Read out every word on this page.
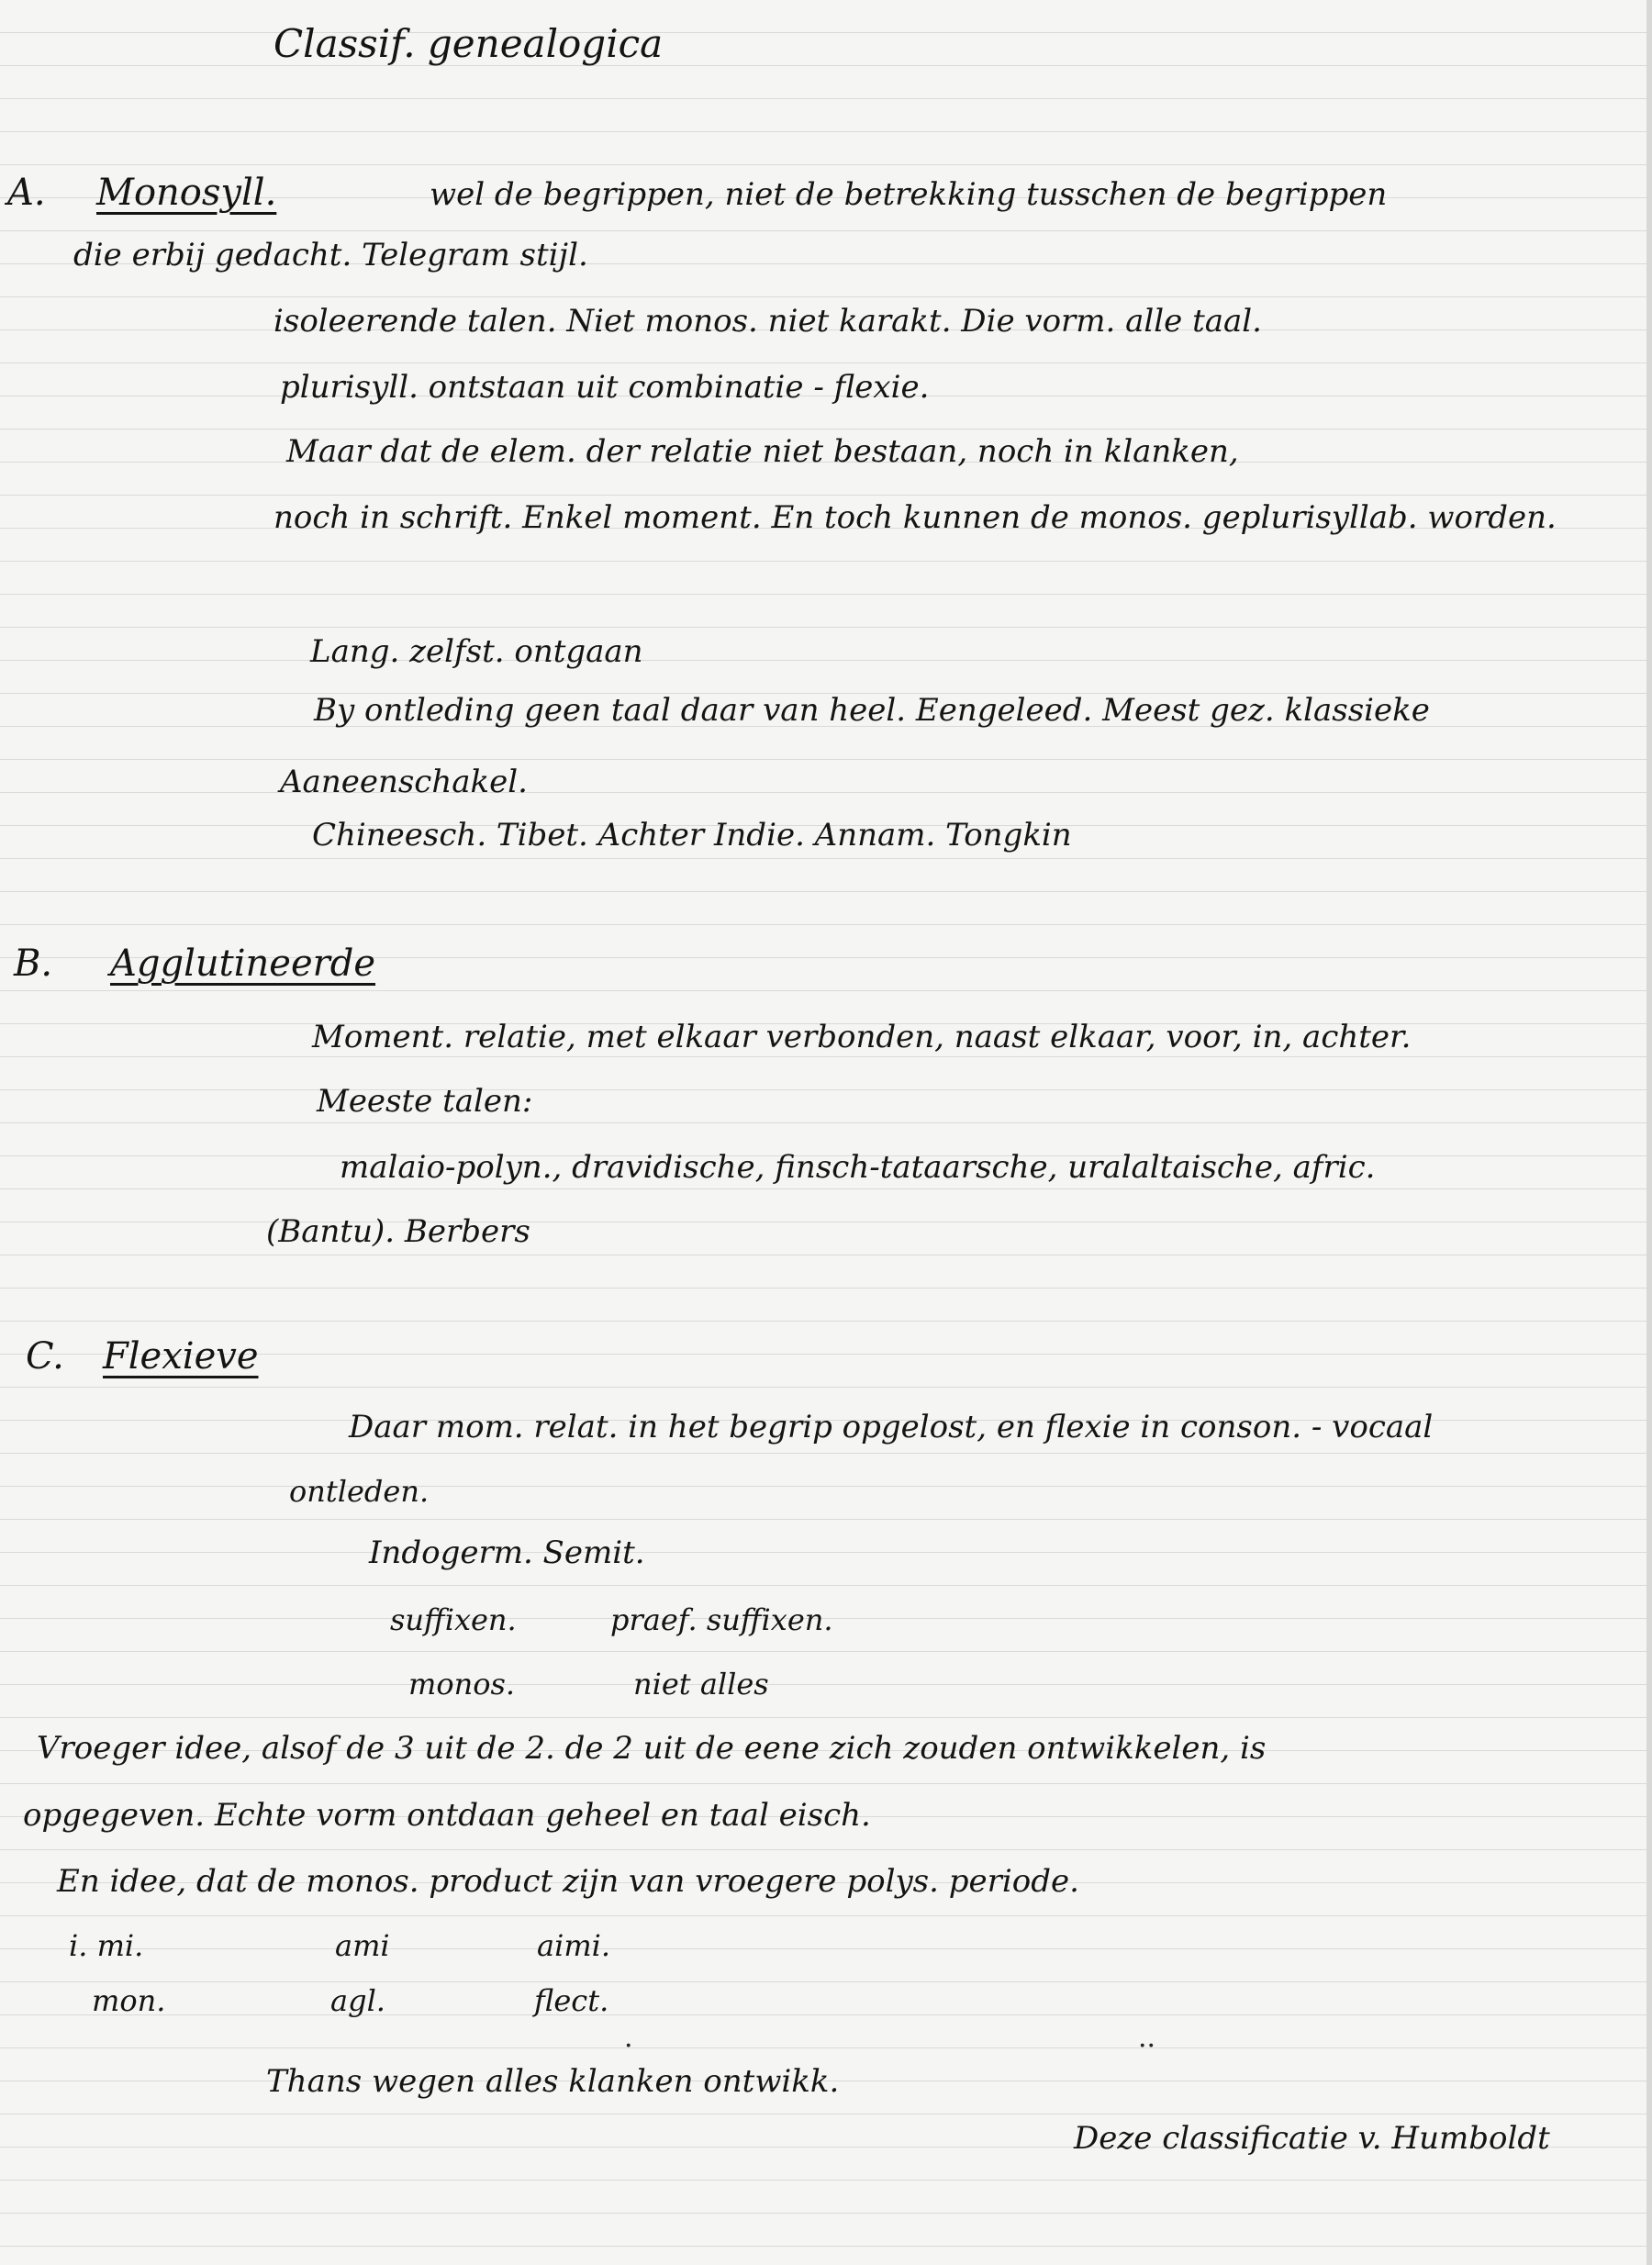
Classif. genealogica
A. Monosyll.	wel de begrippen, niet de betrekking tusschen de begrippen
die erbij gedacht. Telegram stijl.
isoleerende talen. Niet monos. niet karakt. Die vorm. alle taal.
plurisyll. ontstaan uit combinatie - flexie.
Maar dat de elem. der relatie niet bestaan, noch in klanken,
noch in schrift. Enkel moment. En toch kunnen de monos. geplurisyllab. worden.
Lang. zelfst. ontgaan
By ontleding geen taal daar van heel. Eengeleed. Meest gez. klassieke
Aaneenschakel.
Chineesch. Tibet. Achter Indie. Annam. Tongkin
B. Agglutineerde
Moment. relatie, met elkaar verbonden, naast elkaar, voor, in, achter.
Meeste talen:
malaio-polyn., dravidische, finsch-tataarsche, uralaltaische, afric.
(Bantu). Berbers
C. Flexieve
Daar mom. relat. in het begrip opgelost, en flexie in conson. - vocaal
ontleden.
Indogerm. Semit.
suffixen.	praef. suffixen.
monos.	niet alles
Vroeger idee, alsof de 3 uit de 2. de 2 uit de eene zich zouden ontwikkelen, is
opgegeven. Echte vorm ontdaan geheel en taal eisch.
En idee, dat de monos. product zijn van vroegere polys. periode.
i. mi.	ami	aimi.
mon.	agl.	flect.
·	··
Thans wegen alles klanken ontwikk.
Deze classificatie v. Humboldt
